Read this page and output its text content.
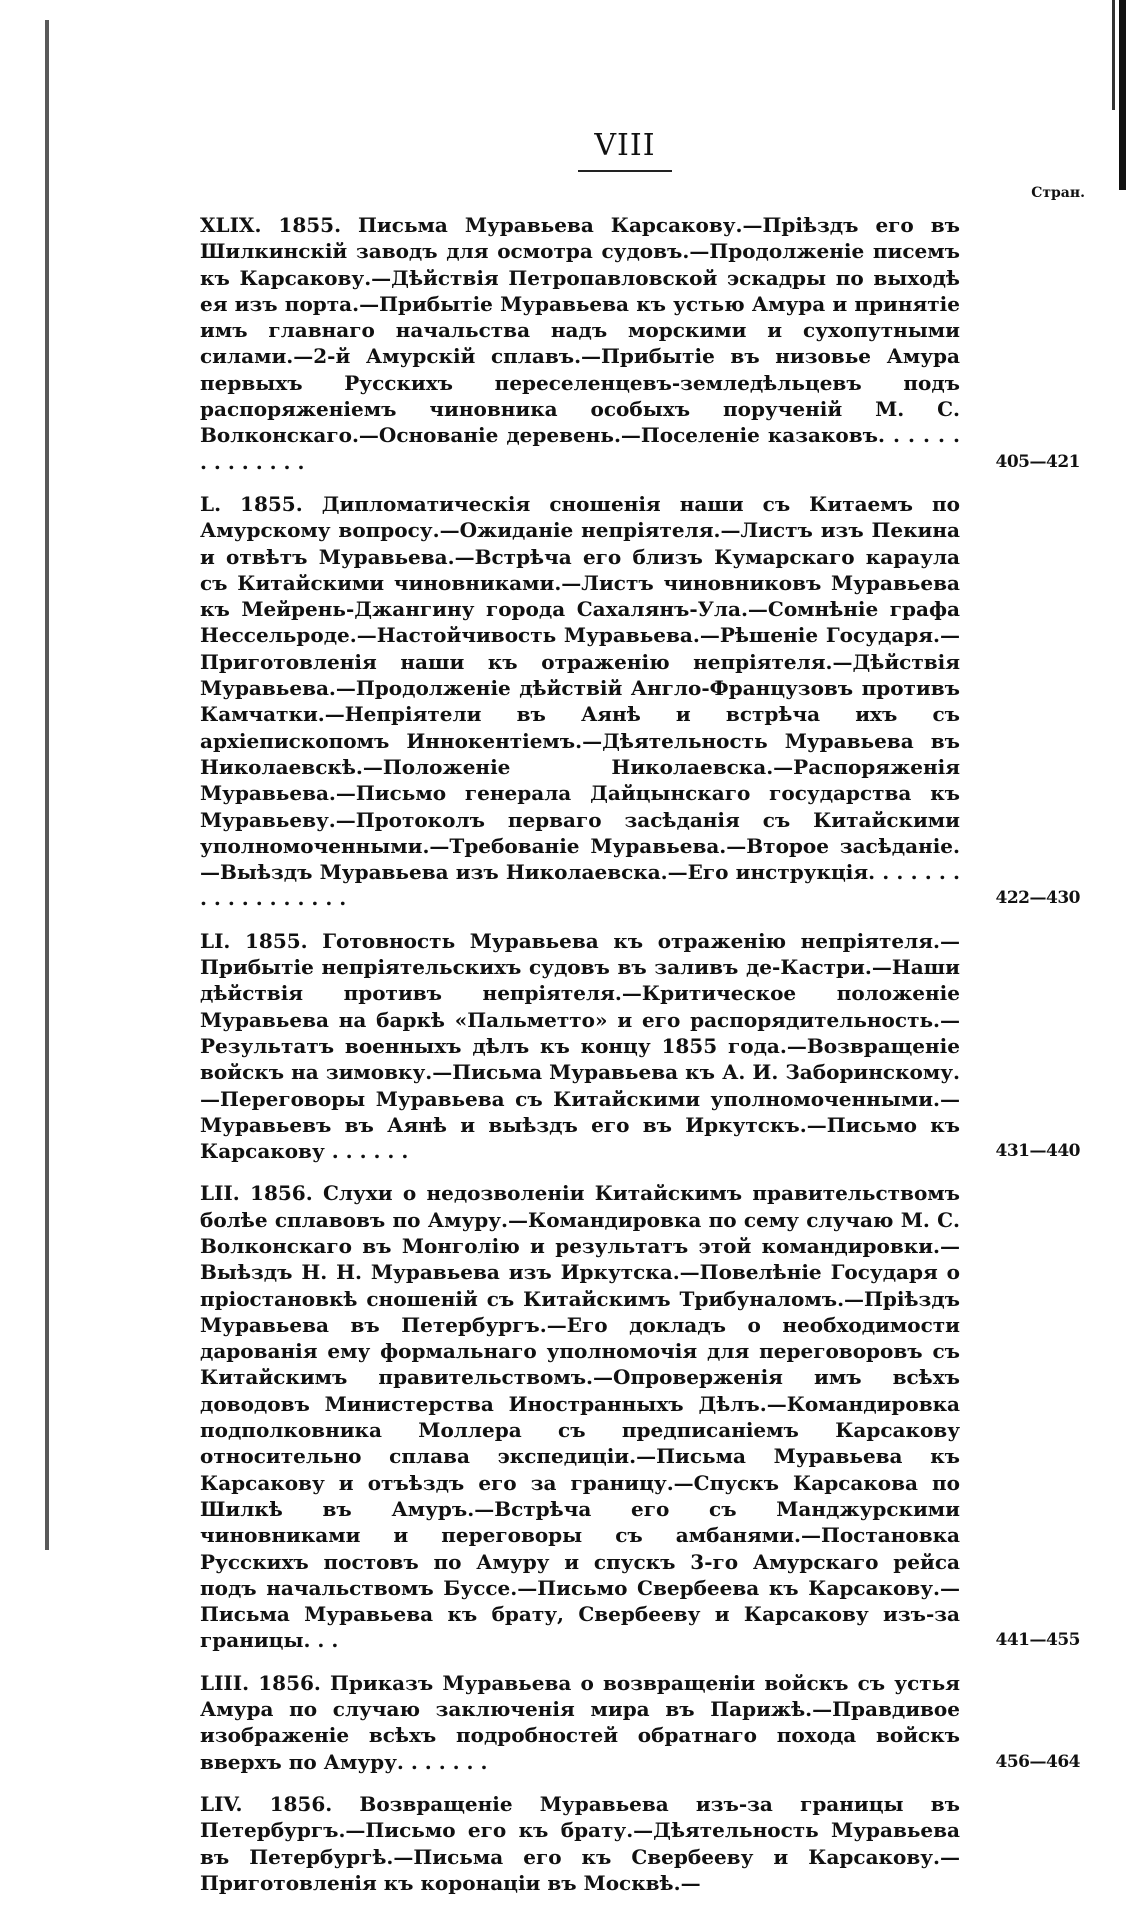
VIII
Стран.
XLIX. 1855. Письма Муравьева Карсакову.—Пріѣздъ его въ Шилкинскій заводъ для осмотра судовъ.—Продолженіе писемъ къ Карсакову.—Дѣйствія Петропавловской эскадры по выходѣ ея изъ порта.—Прибытіе Муравьева къ устью Амура и принятіе имъ главнаго начальства надъ морскими и сухопутными силами.—2-й Амурскій сплавъ.—Прибытіе въ низовье Амура первыхъ Русскихъ переселенцевъ-земледѣльцевъ подъ распоряженіемъ чиновника особыхъ порученій М. С. Волконскаго.—Основаніе деревень.—Поселеніе казаковъ. . . . . . . . . . . . . .	405—421
L. 1855. Дипломатическія сношенія наши съ Китаемъ по Амурскому вопросу.—Ожиданіе непріятеля.—Листъ изъ Пекина и отвѣтъ Муравьева.—Встрѣча его близъ Кумарскаго караула съ Китайскими чиновниками.—Листъ чиновниковъ Муравьева къ Мейрень-Джангину города Сахалянъ-Ула.—Сомнѣніе графа Нессельроде.—Настойчивость Муравьева.—Рѣшеніе Государя.—Приготовленія наши къ отраженію непріятеля.—Дѣйствія Муравьева.—Продолженіе дѣйствій Англо-Французовъ противъ Камчатки.—Непріятели въ Аянѣ и встрѣча ихъ съ архіепископомъ Иннокентіемъ.—Дѣятельность Муравьева въ Николаевскѣ.—Положеніе Николаевска.—Распоряженія Муравьева.—Письмо генерала Дайцынскаго государства къ Муравьеву.—Протоколъ перваго засѣданія съ Китайскими уполномоченными.—Требованіе Муравьева.—Второе засѣданіе.—Выѣздъ Муравьева изъ Николаевска.—Его инструкція. . . . . . . . . . . . . . . . . .	422—430
LI. 1855. Готовность Муравьева къ отраженію непріятеля.—Прибытіе непріятельскихъ судовъ въ заливъ де-Кастри.—Наши дѣйствія противъ непріятеля.—Критическое положеніе Муравьева на баркѣ «Пальметто» и его распорядительность.—Результатъ военныхъ дѣлъ къ концу 1855 года.—Возвращеніе войскъ на зимовку.—Письма Муравьева къ А. И. Заборинскому.—Переговоры Муравьева съ Китайскими уполномоченными.—Муравьевъ въ Аянѣ и выѣздъ его въ Иркутскъ.—Письмо къ Карсакову . . . . . .	431—440
LII. 1856. Слухи о недозволеніи Китайскимъ правительствомъ болѣе сплавовъ по Амуру.—Командировка по сему случаю М. С. Волконскаго въ Монголію и результатъ этой командировки.—Выѣздъ Н. Н. Муравьева изъ Иркутска.—Повелѣніе Государя о пріостановкѣ сношеній съ Китайскимъ Трибуналомъ.—Пріѣздъ Муравьева въ Петербургъ.—Его докладъ о необходимости дарованія ему формальнаго уполномочія для переговоровъ съ Китайскимъ правительствомъ.—Опроверженія имъ всѣхъ доводовъ Министерства Иностранныхъ Дѣлъ.—Командировка подполковника Моллера съ предписаніемъ Карсакову относительно сплава экспедиціи.—Письма Муравьева къ Карсакову и отъѣздъ его за границу.—Спускъ Карсакова по Шилкѣ въ Амуръ.—Встрѣча его съ Манджурскими чиновниками и переговоры съ амбанями.—Постановка Русскихъ постовъ по Амуру и спускъ 3-го Амурскаго рейса подъ начальствомъ Буссе.—Письмо Свербеева къ Карсакову.—Письма Муравьева къ брату, Свербееву и Карсакову изъ-за границы. . .	441—455
LIII. 1856. Приказъ Муравьева о возвращеніи войскъ съ устья Амура по случаю заключенія мира въ Парижѣ.—Правдивое изображеніе всѣхъ подробностей обратнаго похода войскъ вверхъ по Амуру. . . . . . .	456—464
LIV. 1856. Возвращеніе Муравьева изъ-за границы въ Петербургъ.—Письмо его къ брату.—Дѣятельность Муравьева въ Петербургѣ.—Письма его къ Свербееву и Карсакову.—Приготовленія къ коронаціи въ Москвѣ.—
